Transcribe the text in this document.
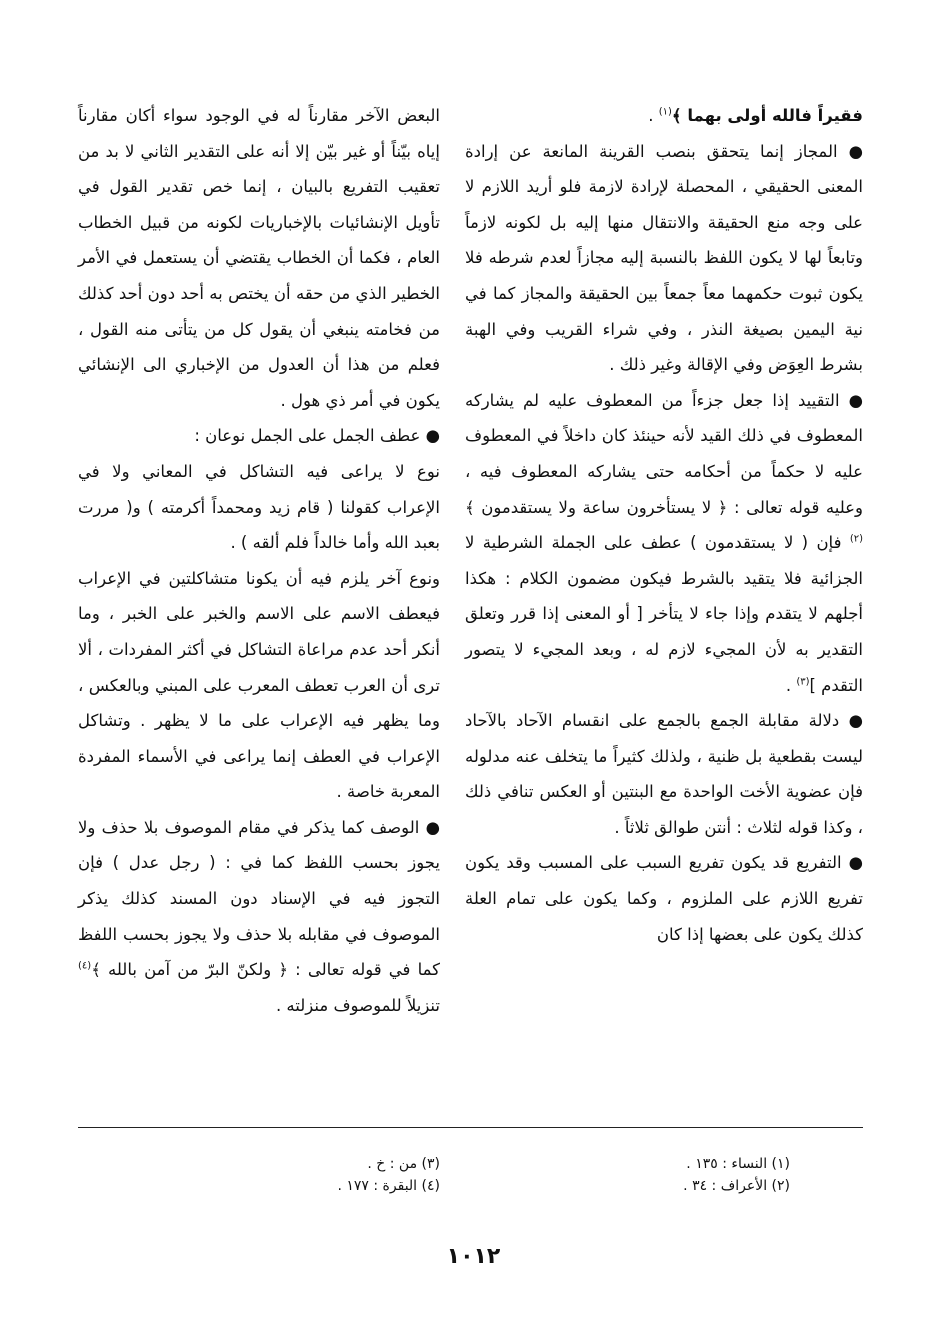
فقيراً فالله أولى بهما ﴾$^{(١)}$ .

● المجاز إنما يتحقق بنصب القرينة المانعة عن إرادة المعنى الحقيقي ، المحصلة لإرادة لازمة فلو أريد اللازم لا على وجه منع الحقيقة والانتقال منها إليه بل لكونه لازماً وتابعاً لها لا يكون اللفظ بالنسبة إليه مجازاً لعدم شرطه فلا يكون ثبوت حكمهما معاً جمعاً بين الحقيقة والمجاز كما في نية اليمين بصيغة النذر ، وفي شراء القريب وفي الهبة بشرط العِوَض وفي الإقالة وغير ذلك .

● التقييد إذا جعل جزءاً من المعطوف عليه لم يشاركه المعطوف في ذلك القيد لأنه حينئذ كان داخلاً في المعطوف عليه لا حكماً من أحكامه حتى يشاركه المعطوف فيه ، وعليه قوله تعالى : ﴿ لا يستأخرون ساعة ولا يستقدمون ﴾$^{(٢)}$ فإن ( لا يستقدمون ) عطف على الجملة الشرطية لا الجزائية فلا يتقيد بالشرط فيكون مضمون الكلام : هكذا أجلهم لا يتقدم وإذا جاء لا يتأخر [ أو المعنى إذا قرر وتعلق التقدير به لأن المجيء لازم له ، وبعد المجيء لا يتصور التقدم ]$^{(٣)}$ .

● دلالة مقابلة الجمع بالجمع على انقسام الآحاد بالآحاد ليست بقطعية بل ظنية ، ولذلك كثيراً ما يتخلف عنه مدلوله فإن عضوية الأخت الواحدة مع البنتين أو العكس تنافي ذلك ، وكذا قوله لثلاث : أنتن طوالق ثلاثاً .

● التفريع قد يكون تفريع السبب على المسبب وقد يكون تفريع اللازم على الملزوم ، وكما يكون على تمام العلة كذلك يكون على بعضها إذا كان

البعض الآخر مقارناً له في الوجود سواء أكان مقارناً إياه بيّناً أو غير بيّن إلا أنه على التقدير الثاني لا بد من تعقيب التفريع بالبيان ، إنما خص تقدير القول في تأويل الإنشائيات بالإخباريات لكونه من قبيل الخطاب العام ، فكما أن الخطاب يقتضي أن يستعمل في الأمر الخطير الذي من حقه أن يختص به أحد دون أحد كذلك من فخامته ينبغي أن يقول كل من يتأتى منه القول ، فعلم من هذا أن العدول من الإخباري الى الإنشائي يكون في أمر ذي هول .

● عطف الجمل على الجمل نوعان :

نوع لا يراعى فيه التشاكل في المعاني ولا في الإعراب كقولنا ( قام زيد ومحمداً أكرمته ) و( مررت بعبد الله وأما خالداً فلم ألقه ) .

ونوع آخر يلزم فيه أن يكونا متشاكلتين في الإعراب فيعطف الاسم على الاسم والخبر على الخبر ، وما أنكر أحد عدم مراعاة التشاكل في أكثر المفردات ، ألا ترى أن العرب تعطف المعرب على المبني وبالعكس ، وما يظهر فيه الإعراب على ما لا يظهر . وتشاكل الإعراب في العطف إنما يراعى في الأسماء المفردة المعربة خاصة .

● الوصف كما يذكر في مقام الموصوف بلا حذف ولا يجوز بحسب اللفظ كما في : ( رجل عدل ) فإن التجوز فيه في الإسناد دون المسند كذلك يذكر الموصوف في مقابله بلا حذف ولا يجوز بحسب اللفظ كما في قوله تعالى : ﴿ ولكنّ البرّ من آمن بالله ﴾$^{(٤)}$ تنزيلاً للموصوف منزلته .

(١) النساء : ١٣٥ .
(٢) الأعراف : ٣٤ .
(٣) من : خ .
(٤) البقرة : ١٧٧ .
١٠١٢
